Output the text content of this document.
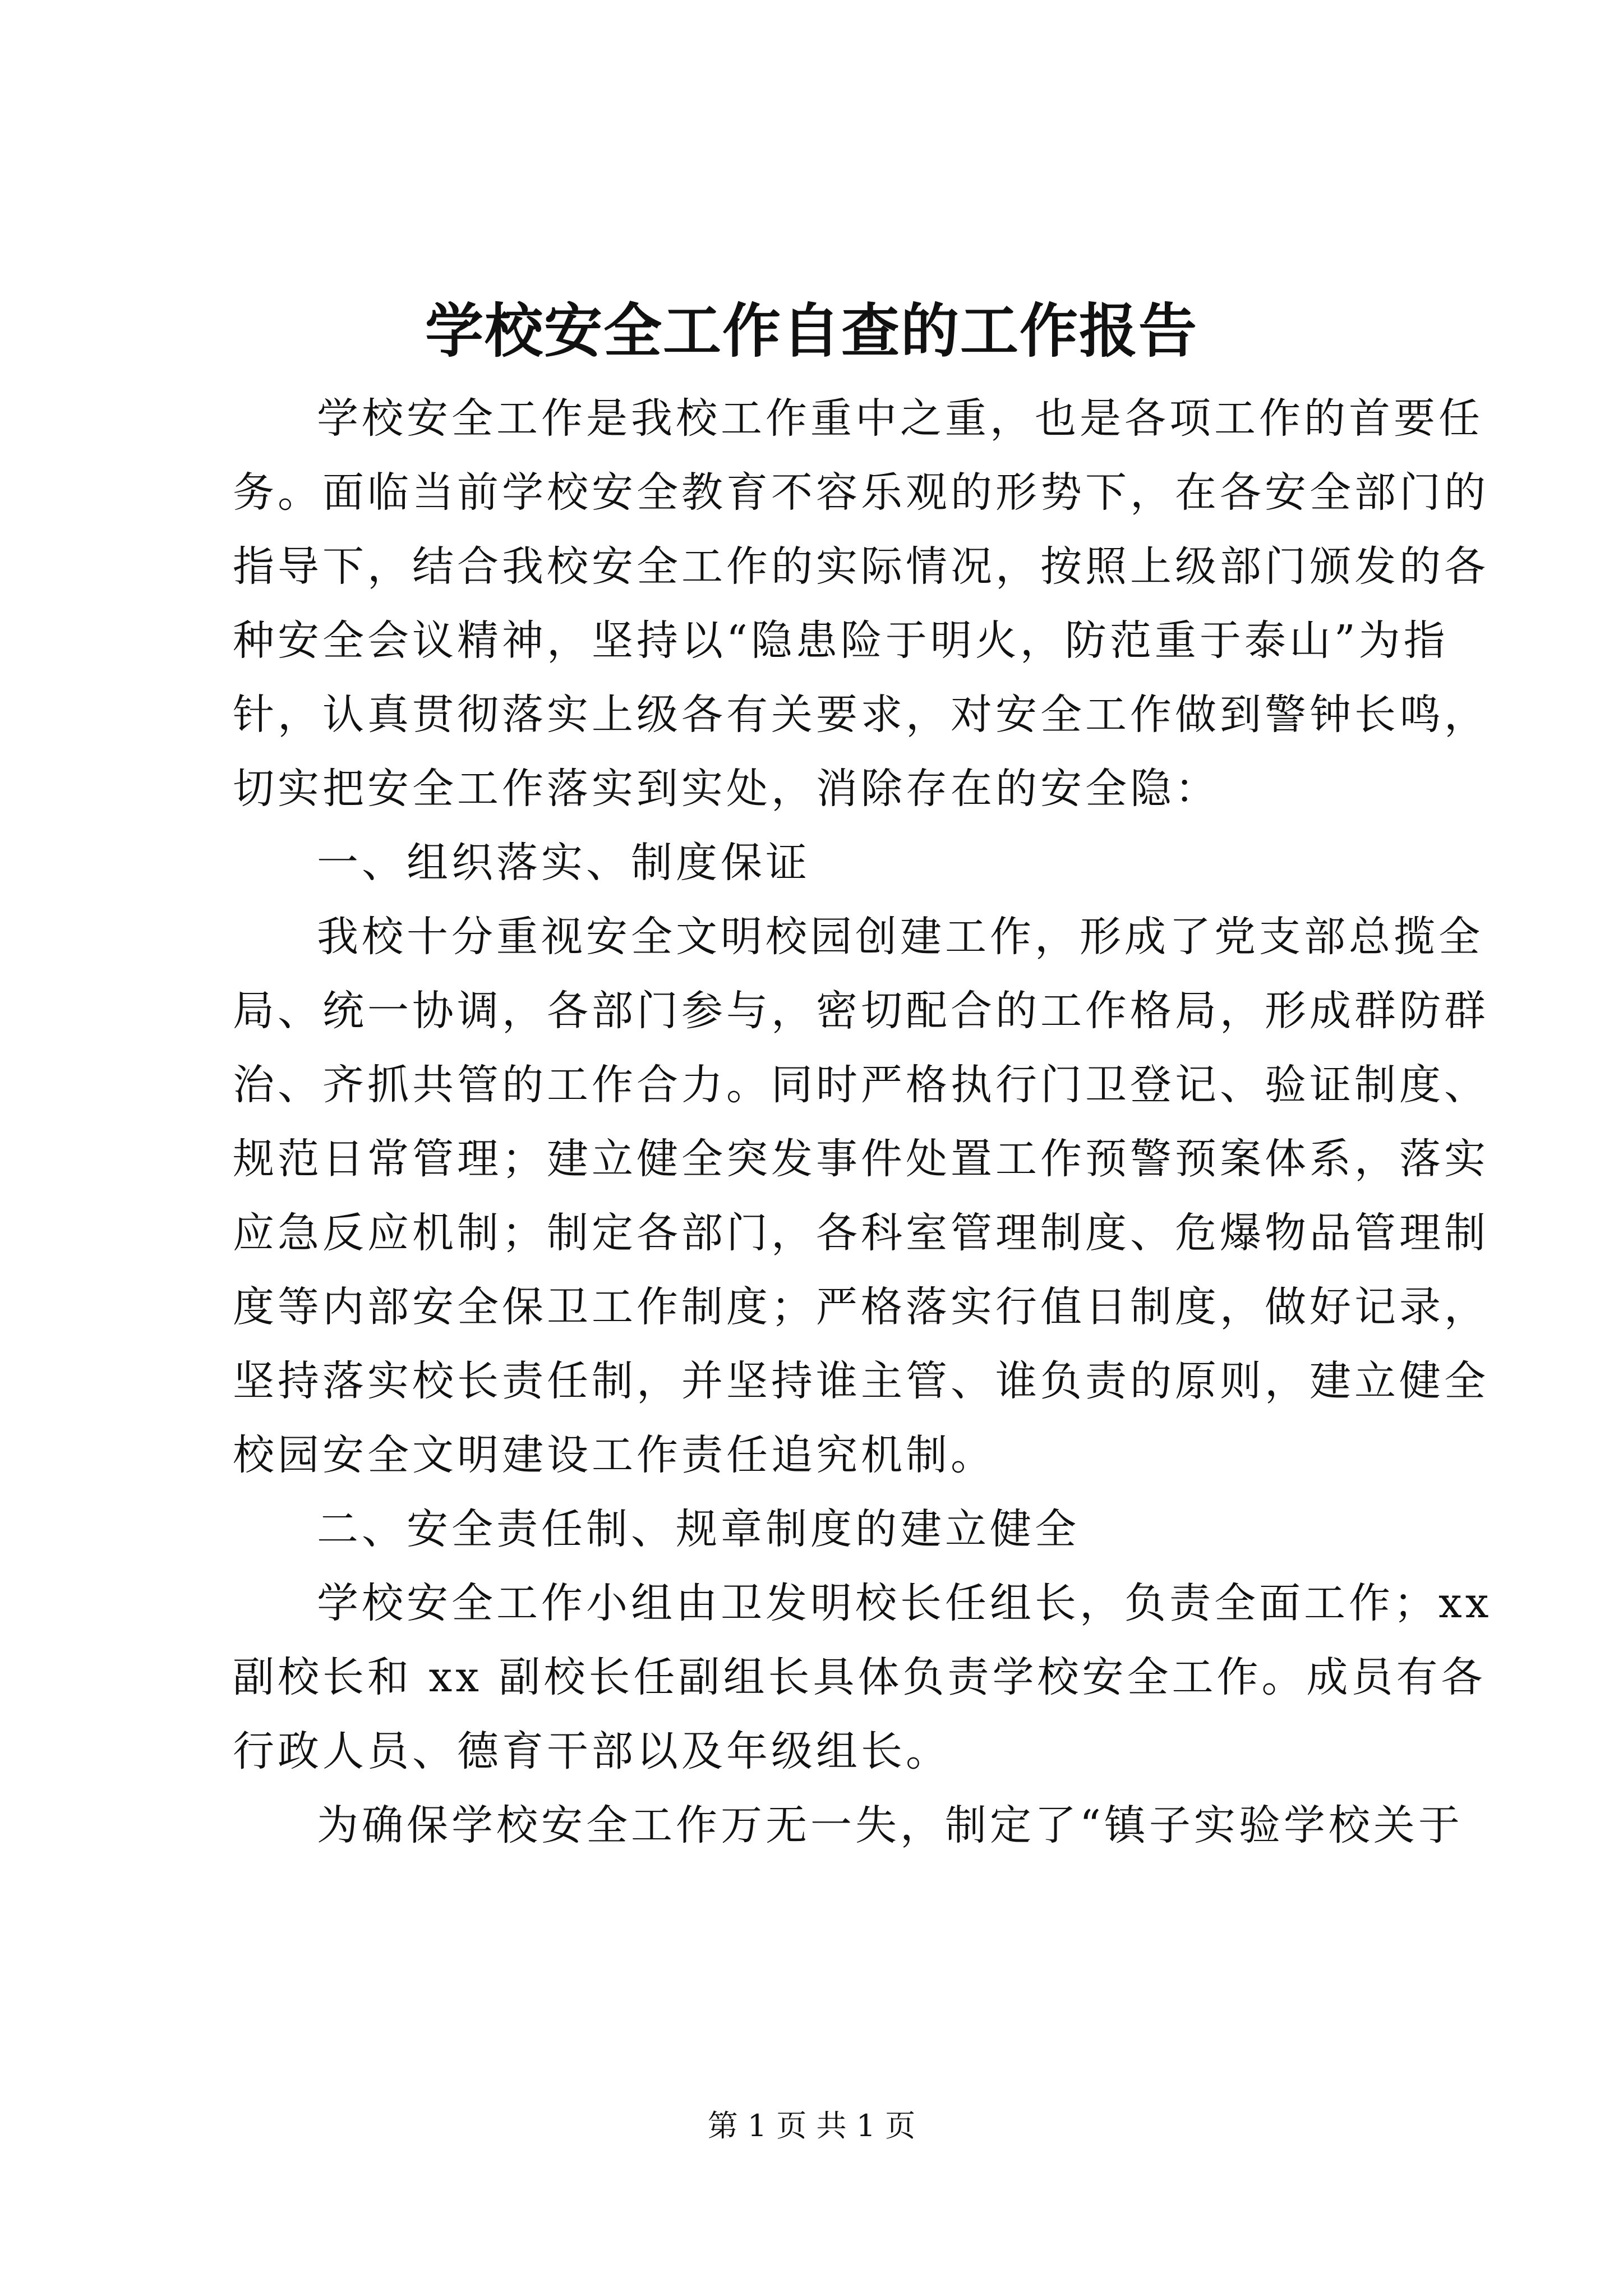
学校安全工作自查的工作报告
学校安全工作是我校工作重中之重，也是各项工作的首要任
务。面临当前学校安全教育不容乐观的形势下，在各安全部门的
指导下，结合我校安全工作的实际情况，按照上级部门颁发的各
种安全会议精神，坚持以“隐患险于明火，防范重于泰山”为指
针，认真贯彻落实上级各有关要求，对安全工作做到警钟长鸣，
切实把安全工作落实到实处，消除存在的安全隐：
一、组织落实、制度保证
我校十分重视安全文明校园创建工作，形成了党支部总揽全
局、统一协调，各部门参与，密切配合的工作格局，形成群防群
治、齐抓共管的工作合力。同时严格执行门卫登记、验证制度、
规范日常管理；建立健全突发事件处置工作预警预案体系，落实
应急反应机制；制定各部门，各科室管理制度、危爆物品管理制
度等内部安全保卫工作制度；严格落实行值日制度，做好记录，
坚持落实校长责任制，并坚持谁主管、谁负责的原则，建立健全
校园安全文明建设工作责任追究机制。
二、安全责任制、规章制度的建立健全
学校安全工作小组由卫发明校长任组长，负责全面工作；xx
副校长和 xx 副校长任副组长具体负责学校安全工作。成员有各
行政人员、德育干部以及年级组长。
为确保学校安全工作万无一失，制定了“镇子实验学校关于
第 1 页 共 1 页
